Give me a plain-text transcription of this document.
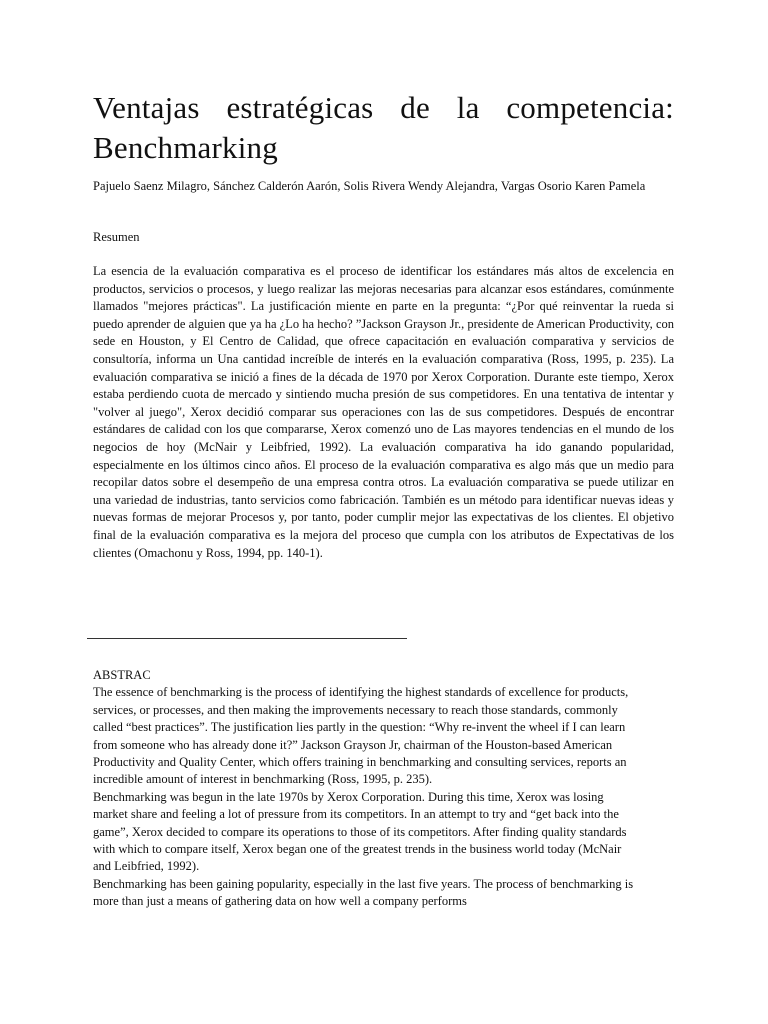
Ventajas estratégicas de la competencia: Benchmarking

Pajuelo Saenz Milagro, Sánchez Calderón Aarón, Solis Rivera Wendy Alejandra, Vargas Osorio Karen Pamela

Resumen

La esencia de la evaluación comparativa es el proceso de identificar los estándares más altos de excelencia en productos, servicios o procesos, y luego realizar las mejoras necesarias para alcanzar esos estándares, comúnmente llamados "mejores prácticas". La justificación miente en parte en la pregunta: “¿Por qué reinventar la rueda si puedo aprender de alguien que ya ha ¿Lo ha hecho? ”Jackson Grayson Jr., presidente de American Productivity, con sede en Houston, y El Centro de Calidad, que ofrece capacitación en evaluación comparativa y servicios de consultoría, informa un Una cantidad increíble de interés en la evaluación comparativa (Ross, 1995, p. 235). La evaluación comparativa se inició a fines de la década de 1970 por Xerox Corporation. Durante este tiempo, Xerox estaba perdiendo cuota de mercado y sintiendo mucha presión de sus competidores. En una tentativa de intentar y "volver al juego", Xerox decidió comparar sus operaciones con las de sus competidores. Después de encontrar estándares de calidad con los que compararse, Xerox comenzó uno de Las mayores tendencias en el mundo de los negocios de hoy (McNair y Leibfried, 1992). La evaluación comparativa ha ido ganando popularidad, especialmente en los últimos cinco años. El proceso de la evaluación comparativa es algo más que un medio para recopilar datos sobre el desempeño de una empresa contra otros. La evaluación comparativa se puede utilizar en una variedad de industrias, tanto servicios como fabricación. También es un método para identificar nuevas ideas y nuevas formas de mejorar Procesos y, por tanto, poder cumplir mejor las expectativas de los clientes. El objetivo final de la evaluación comparativa es la mejora del proceso que cumpla con los atributos de Expectativas de los clientes (Omachonu y Ross, 1994, pp. 140-1).

ABSTRAC

The essence of benchmarking is the process of identifying the highest standards of excellence for products, services, or processes, and then making the improvements necessary to reach those standards, commonly called “best practices”. The justification lies partly in the question: “Why re-invent the wheel if I can learn from someone who has already done it?” Jackson Grayson Jr, chairman of the Houston-based American Productivity and Quality Center, which offers training in benchmarking and consulting services, reports an incredible amount of interest in benchmarking (Ross, 1995, p. 235).

Benchmarking was begun in the late 1970s by Xerox Corporation. During this time, Xerox was losing market share and feeling a lot of pressure from its competitors. In an attempt to try and “get back into the game”, Xerox decided to compare its operations to those of its competitors. After finding quality standards with which to compare itself, Xerox began one of the greatest trends in the business world today (McNair and Leibfried, 1992).

Benchmarking has been gaining popularity, especially in the last five years. The process of benchmarking is more than just a means of gathering data on how well a company performs
